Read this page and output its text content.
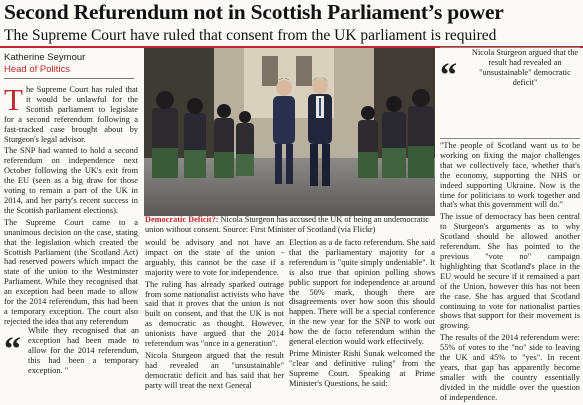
Second Refurendum not in Scottish Parliament’s power
The Supreme Court have ruled that consent from the UK parliament is required
Katherine Seymour
Head of Politics

The Supreme Court has ruled that it would be unlawful for the Scottish parliament to legislate for a second referendum following a fast-tracked case brought about by Sturgeon's legal advisor.

The SNP had wanted to hold a second referendum on independence next October following the UK's exit from the EU (seen as a big draw for those voting to remain a part of the UK in 2014, and her party's recent success in the Scottish parliament elections).

The Supreme Court came to a unanimous decision on the case, stating that the legislation which created the Scottish Parliament (the Scotland Act) had reserved powers which impact the state of the union to the Westminster Parliament. While they recognised that an exception had been made to allow for the 2014 referendum, this had been a temporary exception. The court also rejected the idea that any referendum

“
While they recognised that an exception had been made to allow for the 2014 referendum, this had been a temporary exception. "
Democratic Deficit?: Nicola Sturgeon has accused the UK of being an undemocratic union without consent. Source: First Minister of Scotland (via Flickr)

would be advisory and not have an impact on the state of the union - arguably, this cannot be the case if a majority were to vote for independence.

The ruling has already sparked outrage from some nationalist activists who have said that it proves that the union is not built on consent, and that the UK is not as democratic as thought. However, unionists have argued that the 2014 referendum was "once in a generation".

Nicola Sturgeon argued that the result had revealed an "unsustainable" democratic deficit and has said that her party will treat the next General

Election as a de facto referendum. She said that the parliamentary majority for a referendum is "quite simply undeniable". It is also true that opinion polling shows public support for independence at around the 50% mark, though there are disagreements over how soon this should happen. There will be a special conference in the new year for the SNP to work out how the de facto referendum within the general election would work effectively.

Prime Minister Rishi Sunak welcomed the "clear and definitive ruling" from the Supreme Court. Speaking at Prime Minister's Questions, he said:

“
Nicola Sturgeon argued that the result had revealed an "unsustainable" democratic deficit"

"The people of Scotland want us to be working on fixing the major challenges that we collectively face, whether that's the economy, supporting the NHS or indeed supporting Ukraine. Now is the time for politicians to work together and that's what this government will do."

The issue of democracy has been central to Sturgeon's arguments as to why Scotland should be allowed another referendum. She has pointed to the previous "vote no" campaign highlighting that Scotland's place in the EU would be secure if it remained a part of the Union, however this has not been the case. She has argued that Scotland continuing to vote for nationalist parties shows that support for their movement is growing.

The results of the 2014 referendum were: 55% of votes to the "no" side to leaving the UK and 45% to "yes". In recent years, that gap has apparently become smaller with the country essentially divided in the middle over the question of independence.
